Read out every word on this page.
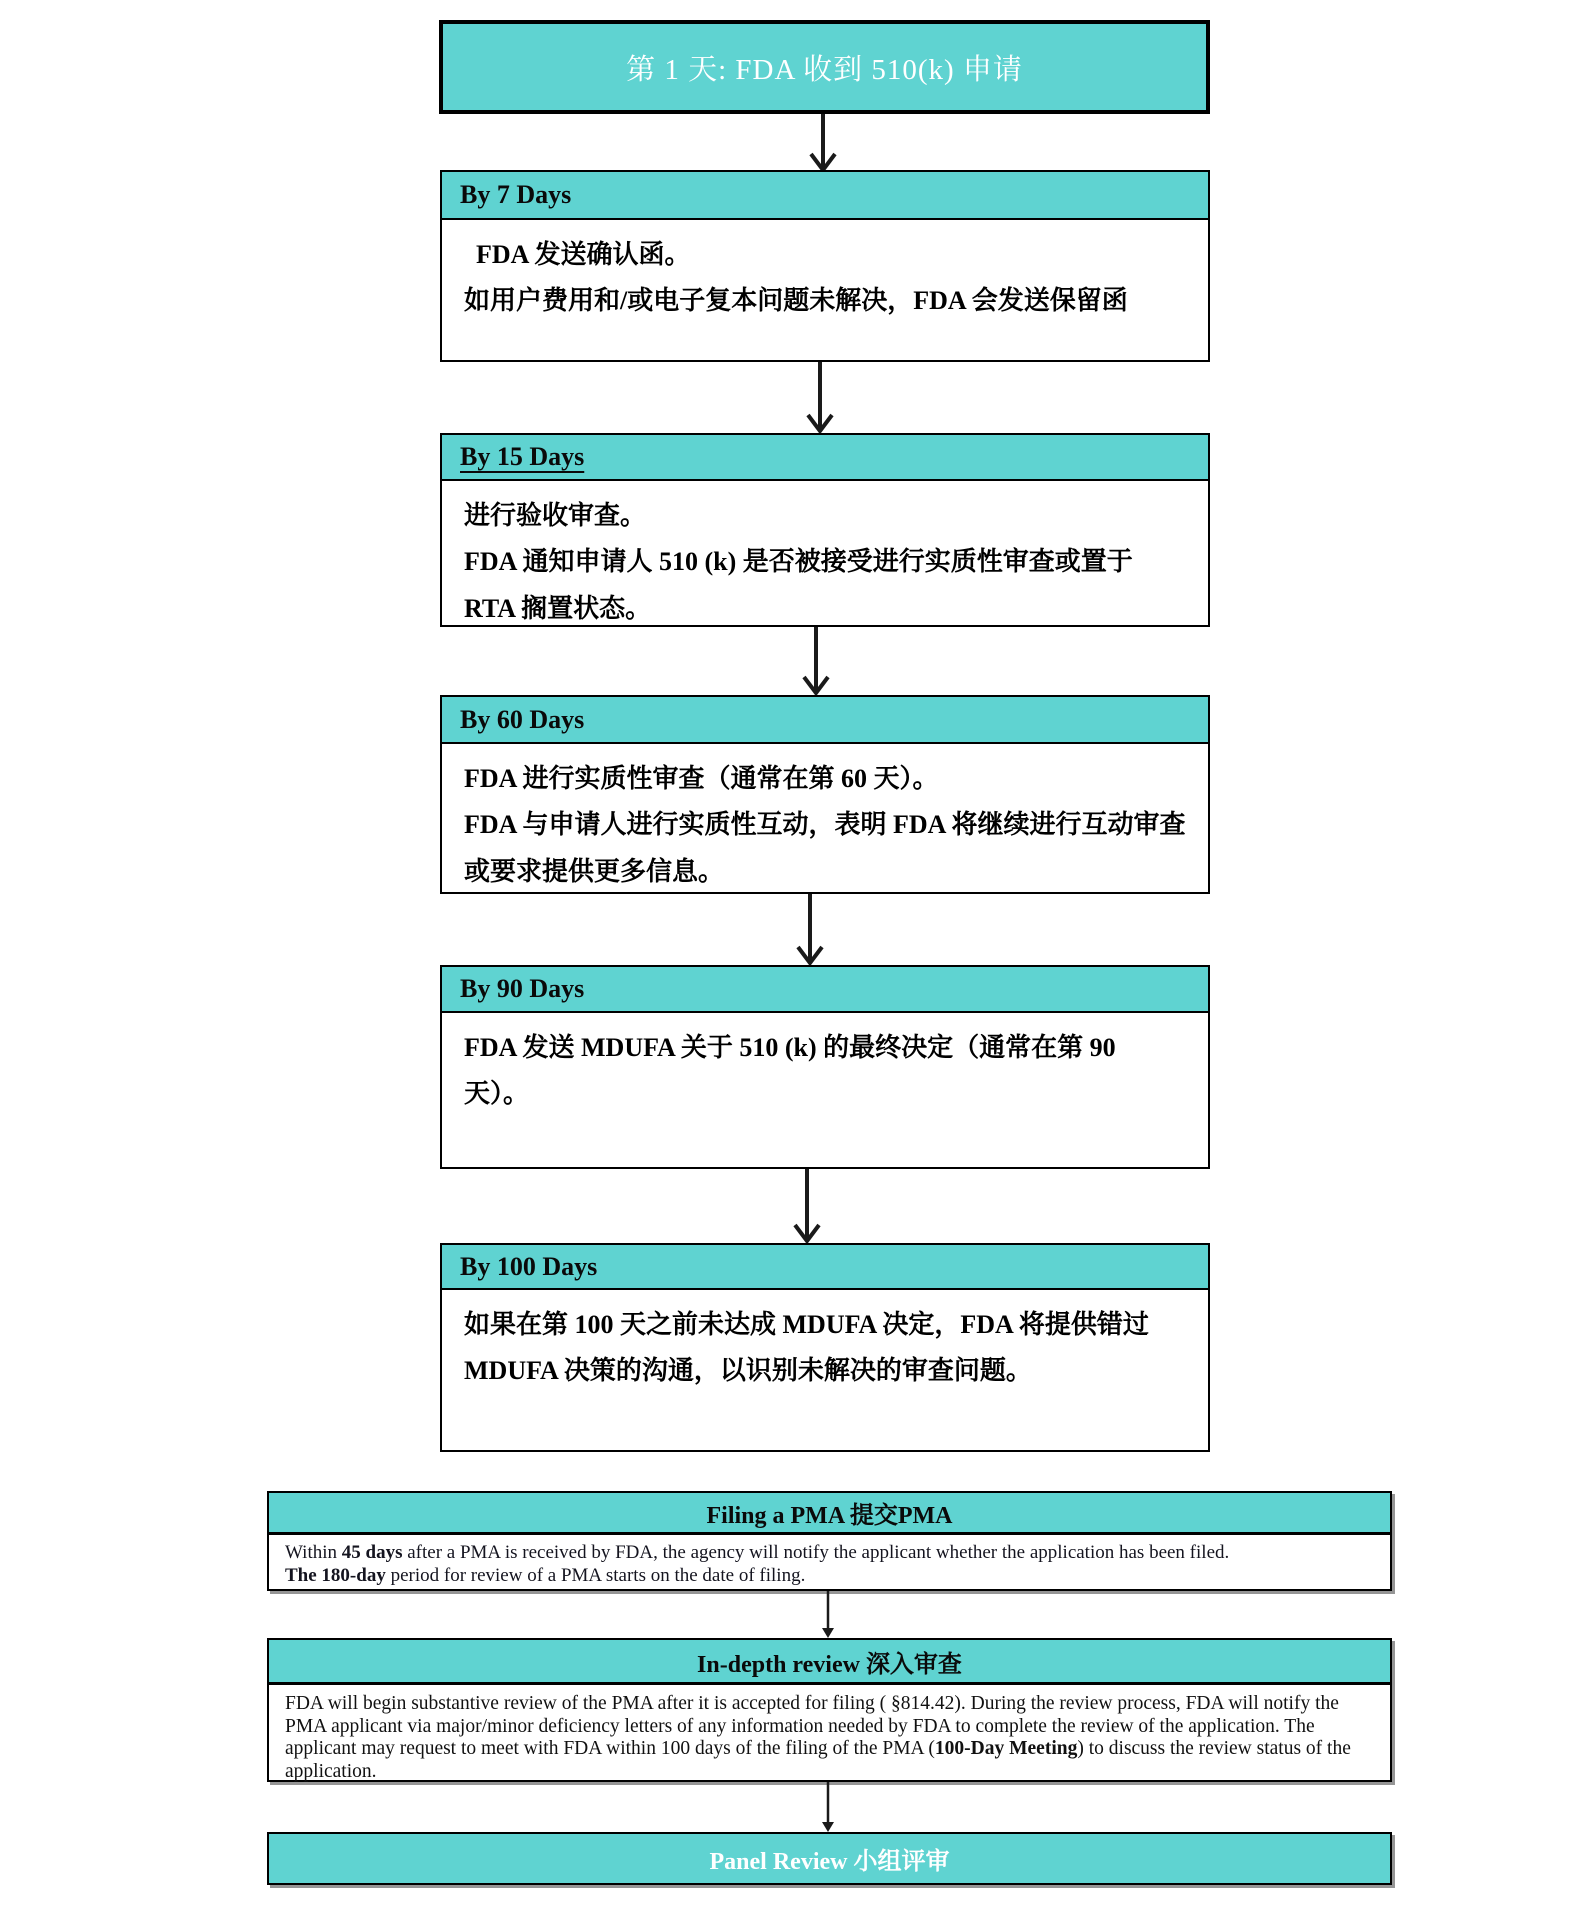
第 1 天: FDA 收到 510(k) 申请
By 7 Days

FDA 发送确认函。

如用户费用和/或电子复本问题未解决，FDA 会发送保留函

By 15 Days

进行验收审查。

FDA 通知申请人 510 (k) 是否被接受进行实质性审查或置于 RTA 搁置状态。

By 60 Days

FDA 进行实质性审查（通常在第 60 天）。

FDA 与申请人进行实质性互动，表明 FDA 将继续进行互动审查或要求提供更多信息。

By 90 Days

FDA 发送 MDUFA 关于 510 (k) 的最终决定（通常在第 90 天）。

By 100 Days

如果在第 100 天之前未达成 MDUFA 决定，FDA 将提供错过 MDUFA 决策的沟通，以识别未解决的审查问题。

Filing a PMA 提交PMA

Within 45 days after a PMA is received by FDA, the agency will notify the applicant whether the application has been filed.

The 180-day period for review of a PMA starts on the date of filing.

In-depth review 深入审查

FDA will begin substantive review of the PMA after it is accepted for filing ( §814.42). During the review process, FDA will notify the PMA applicant via major/minor deficiency letters of any information needed by FDA to complete the review of the application. The applicant may request to meet with FDA within 100 days of the filing of the PMA (100-Day Meeting) to discuss the review status of the application.

Panel Review 小组评审
